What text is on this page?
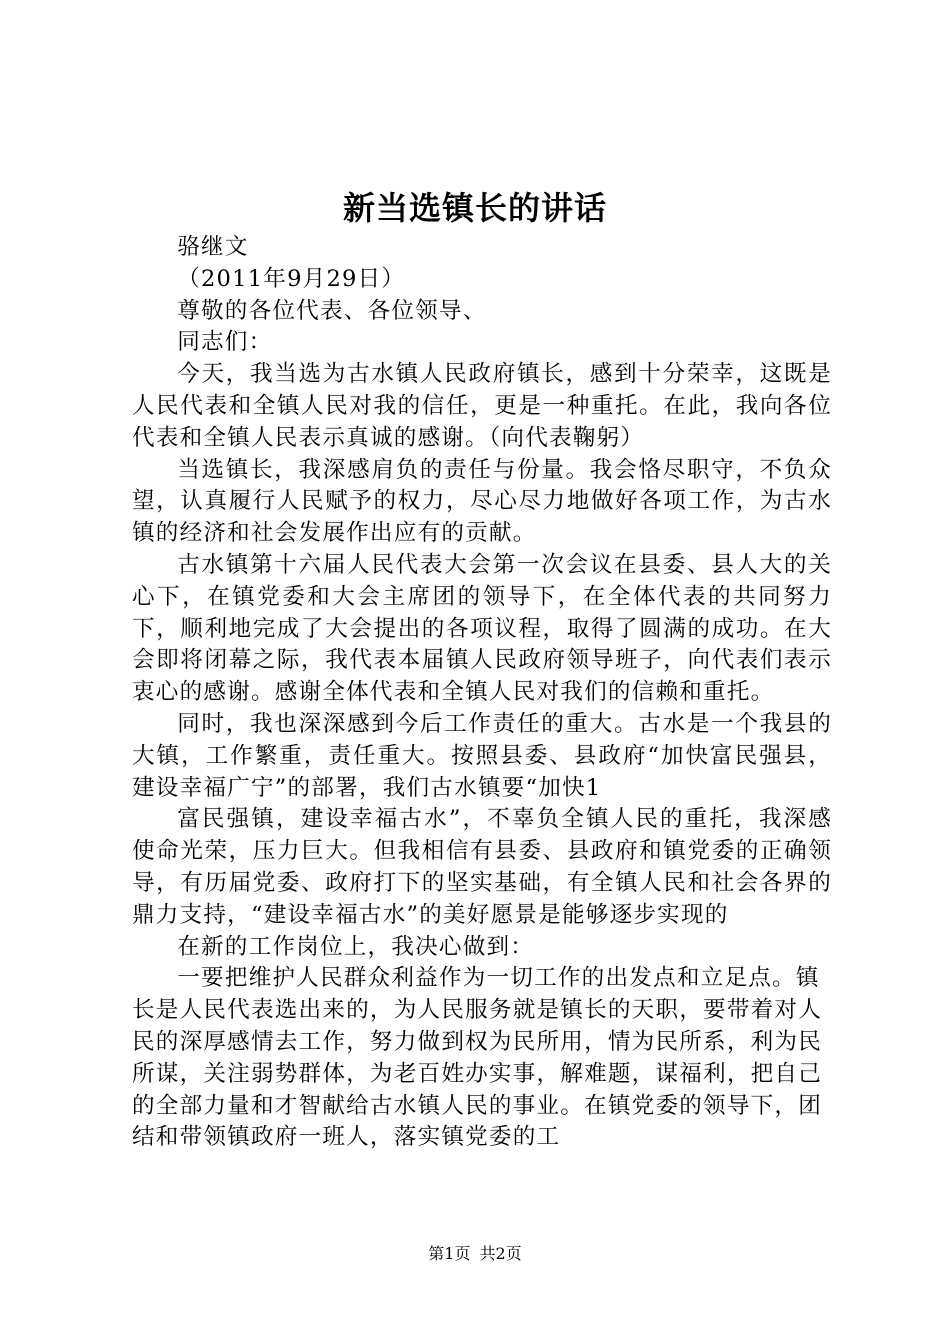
新当选镇长的讲话

骆继文

（2011年9月29日）

尊敬的各位代表、各位领导、

同志们：

今天，我当选为古水镇人民政府镇长，感到十分荣幸，这既是人民代表和全镇人民对我的信任，更是一种重托。在此，我向各位代表和全镇人民表示真诚的感谢。（向代表鞠躬）

当选镇长，我深感肩负的责任与份量。我会恪尽职守，不负众望，认真履行人民赋予的权力，尽心尽力地做好各项工作，为古水镇的经济和社会发展作出应有的贡献。

古水镇第十六届人民代表大会第一次会议在县委、县人大的关心下，在镇党委和大会主席团的领导下，在全体代表的共同努力下，顺利地完成了大会提出的各项议程，取得了圆满的成功。在大会即将闭幕之际，我代表本届镇人民政府领导班子，向代表们表示衷心的感谢。感谢全体代表和全镇人民对我们的信赖和重托。

同时，我也深深感到今后工作责任的重大。古水是一个我县的大镇，工作繁重，责任重大。按照县委、县政府“加快富民强县，建设幸福广宁”的部署，我们古水镇要“加快1

富民强镇，建设幸福古水”，不辜负全镇人民的重托，我深感使命光荣，压力巨大。但我相信有县委、县政府和镇党委的正确领导，有历届党委、政府打下的坚实基础，有全镇人民和社会各界的鼎力支持，“建设幸福古水”的美好愿景是能够逐步实现的

在新的工作岗位上，我决心做到：

一要把维护人民群众利益作为一切工作的出发点和立足点。镇长是人民代表选出来的，为人民服务就是镇长的天职，要带着对人民的深厚感情去工作，努力做到权为民所用，情为民所系，利为民所谋，关注弱势群体，为老百姓办实事，解难题，谋福利，把自己的全部力量和才智献给古水镇人民的事业。在镇党委的领导下，团结和带领镇政府一班人，落实镇党委的工

第1页 共2页
